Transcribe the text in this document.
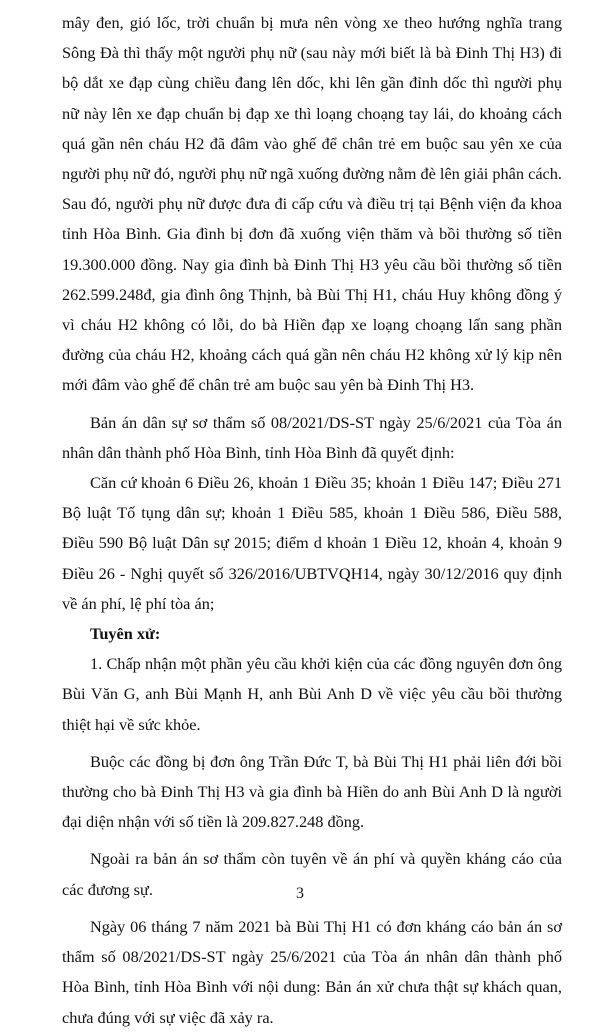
mây đen, gió lốc, trời chuẩn bị mưa nên vòng xe theo hướng nghĩa trang Sông Đà thì thấy một người phụ nữ (sau này mới biết là bà Đinh Thị H3) đi bộ dắt xe đạp cùng chiều đang lên dốc, khi lên gần đỉnh dốc thì người phụ nữ này lên xe đạp chuẩn bị đạp xe thì loạng choạng tay lái, do khoảng cách quá gần nên cháu H2 đã đâm vào ghế để chân trẻ em buộc sau yên xe của người phụ nữ đó, người phụ nữ ngã xuống đường nằm đè lên giải phân cách. Sau đó, người phụ nữ được đưa đi cấp cứu và điều trị tại Bệnh viện đa khoa tỉnh Hòa Bình. Gia đình bị đơn đã xuống viện thăm và bồi thường số tiền 19.300.000 đồng. Nay gia đình bà Đinh Thị H3 yêu cầu bồi thường số tiền 262.599.248đ, gia đình ông Thịnh, bà Bùi Thị H1, cháu Huy không đồng ý vì cháu H2 không có lỗi, do bà Hiền đạp xe loạng choạng lấn sang phần đường của cháu H2, khoảng cách quá gần nên cháu H2 không xử lý kịp nên mới đâm vào ghế để chân trẻ am buộc sau yên bà Đinh Thị H3.

Bản án dân sự sơ thẩm số 08/2021/DS-ST ngày 25/6/2021 của Tòa án nhân dân thành phố Hòa Bình, tỉnh Hòa Bình đã quyết định:

Căn cứ khoản 6 Điều 26, khoản 1 Điều 35; khoản 1 Điều 147; Điều 271 Bộ luật Tố tụng dân sự; khoản 1 Điều 585, khoản 1 Điều 586, Điều 588, Điều 590 Bộ luật Dân sự 2015; điểm d khoản 1 Điều 12, khoản 4, khoản 9 Điều 26 - Nghị quyết số 326/2016/UBTVQH14, ngày 30/12/2016 quy định về án phí, lệ phí tòa án;

Tuyên xử:

1. Chấp nhận một phần yêu cầu khởi kiện của các đồng nguyên đơn ông Bùi Văn G, anh Bùi Mạnh H, anh Bùi Anh D về việc yêu cầu bồi thường thiệt hại về sức khỏe.

Buộc các đồng bị đơn ông Trần Đức T, bà Bùi Thị H1 phải liên đới bồi thường cho bà Đinh Thị H3 và gia đình bà Hiền do anh Bùi Anh D là người đại diện nhận với số tiền là 209.827.248 đồng.

Ngoài ra bản án sơ thẩm còn tuyên về án phí và quyền kháng cáo của các đương sự.

Ngày 06 tháng 7 năm 2021 bà Bùi Thị H1 có đơn kháng cáo bản án sơ thẩm số 08/2021/DS-ST ngày 25/6/2021 của Tòa án nhân dân thành phố Hòa Bình, tỉnh Hòa Bình với nội dung: Bản án xử chưa thật sự khách quan, chưa đúng với sự việc đã xảy ra.

3
